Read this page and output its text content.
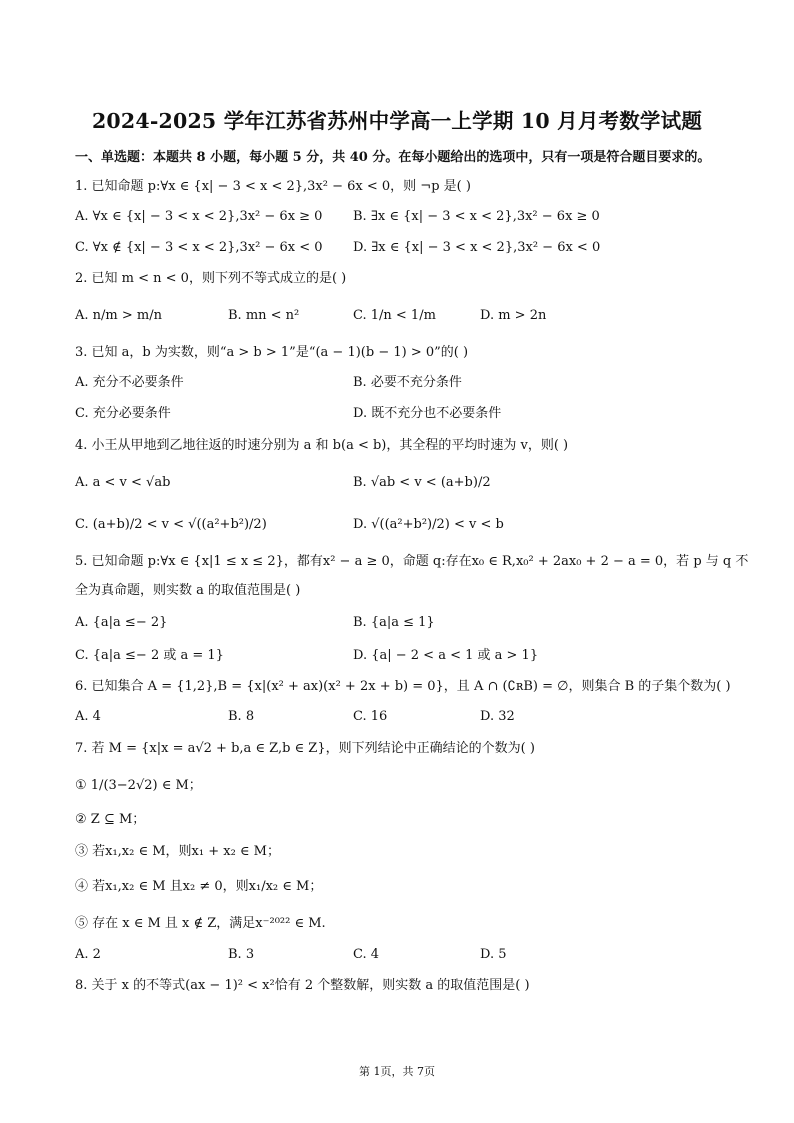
2024-2025 学年江苏省苏州中学高一上学期 10 月月考数学试题
一、单选题：本题共 8 小题，每小题 5 分，共 40 分。在每小题给出的选项中，只有一项是符合题目要求的。
1. 已知命题 p:∀x ∈ {x| − 3 < x < 2},3x² − 6x < 0，则 ¬p 是( )
A. ∀x ∈ {x| − 3 < x < 2},3x² − 6x ≥ 0 B. ∃x ∈ {x| − 3 < x < 2},3x² − 6x ≥ 0
C. ∀x ∉ {x| − 3 < x < 2},3x² − 6x < 0 D. ∃x ∈ {x| − 3 < x < 2},3x² − 6x < 0
2. 已知 m < n < 0，则下列不等式成立的是( )
A. n/m > m/n	B. mn < n²	C. 1/n < 1/m	D. m > 2n
3. 已知 a，b 为实数，则“a > b > 1”是“(a − 1)(b − 1) > 0”的( )
A. 充分不必要条件	B. 必要不充分条件
C. 充分必要条件	D. 既不充分也不必要条件
4. 小王从甲地到乙地往返的时速分别为 a 和 b(a < b)，其全程的平均时速为 v，则( )
A. a < v < √ab	B. √ab < v < (a+b)/2
C. (a+b)/2 < v < √((a²+b²)/2)	D. √((a²+b²)/2) < v < b
5. 已知命题 p:∀x ∈ {x|1 ≤ x ≤ 2}，都有x² − a ≥ 0，命题 q:存在x₀ ∈ R,x₀² + 2ax₀ + 2 − a = 0，若 p 与 q 不
全为真命题，则实数 a 的取值范围是( )
A. {a|a ≤− 2}	B. {a|a ≤ 1}
C. {a|a ≤− 2 或 a = 1}	D. {a| − 2 < a < 1 或 a > 1}
6. 已知集合 A = {1,2},B = {x|(x² + ax)(x² + 2x + b) = 0}，且 A ∩ (∁ʀB) = ∅，则集合 B 的子集个数为( )
A. 4	B. 8	C. 16	D. 32
7. 若 M = {x|x = a√2 + b,a ∈ Z,b ∈ Z}，则下列结论中正确结论的个数为( )
① 1/(3−2√2) ∈ M；
② Z ⊆ M；
③ 若x₁,x₂ ∈ M，则x₁ + x₂ ∈ M；
④ 若x₁,x₂ ∈ M 且x₂ ≠ 0，则x₁/x₂ ∈ M；
⑤ 存在 x ∈ M 且 x ∉ Z，满足x⁻²⁰²² ∈ M.
A. 2	B. 3	C. 4	D. 5
8. 关于 x 的不等式(ax − 1)² < x²恰有 2 个整数解，则实数 a 的取值范围是( )
第 1页，共 7页
